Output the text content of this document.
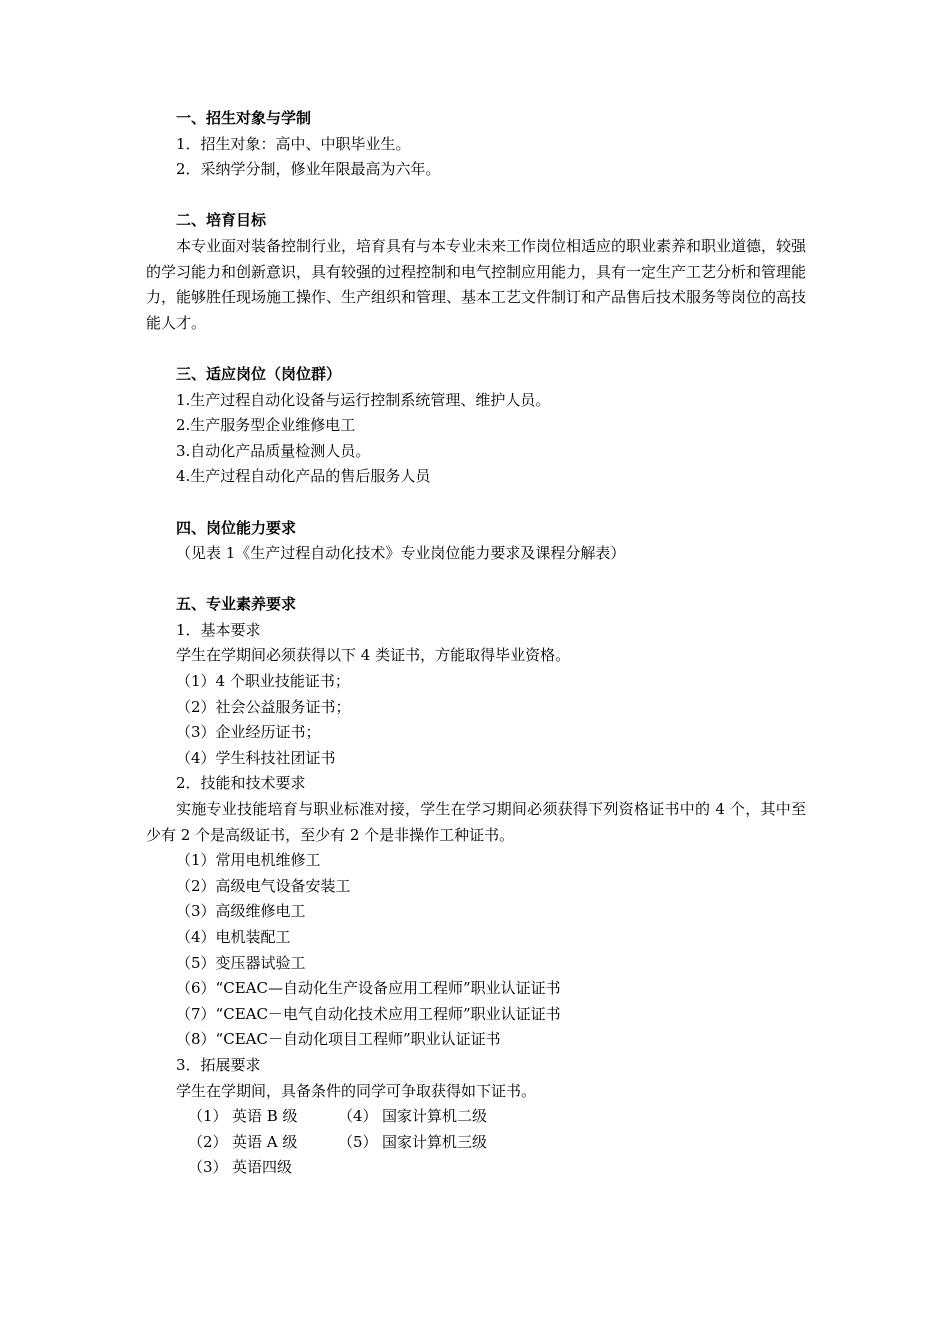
一、招生对象与学制
1．招生对象：高中、中职毕业生。
2．采纳学分制，修业年限最高为六年。
二、培育目标
本专业面对装备控制行业，培育具有与本专业未来工作岗位相适应的职业素养和职业道德，较强的学习能力和创新意识，具有较强的过程控制和电气控制应用能力，具有一定生产工艺分析和管理能力，能够胜任现场施工操作、生产组织和管理、基本工艺文件制订和产品售后技术服务等岗位的高技能人才。
三、适应岗位（岗位群）
1.生产过程自动化设备与运行控制系统管理、维护人员。
2.生产服务型企业维修电工
3.自动化产品质量检测人员。
4.生产过程自动化产品的售后服务人员
四、岗位能力要求
（见表 1《生产过程自动化技术》专业岗位能力要求及课程分解表）
五、专业素养要求
1．基本要求
学生在学期间必须获得以下 4 类证书，方能取得毕业资格。
（1）4 个职业技能证书；
（2）社会公益服务证书；
（3）企业经历证书；
（4）学生科技社团证书
2．技能和技术要求
实施专业技能培育与职业标准对接，学生在学习期间必须获得下列资格证书中的 4 个，其中至少有 2 个是高级证书，至少有 2 个是非操作工种证书。
（1）常用电机维修工
（2）高级电气设备安装工
（3）高级维修电工
（4）电机装配工
（5）变压器试验工
（6）“CEAC—自动化生产设备应用工程师”职业认证证书
（7）“CEAC－电气自动化技术应用工程师”职业认证证书
（8）“CEAC－自动化项目工程师”职业认证证书
3．拓展要求
学生在学期间，具备条件的同学可争取获得如下证书。
（1） 英语 B 级	（4） 国家计算机二级
（2） 英语 A 级	（5） 国家计算机三级
（3） 英语四级
